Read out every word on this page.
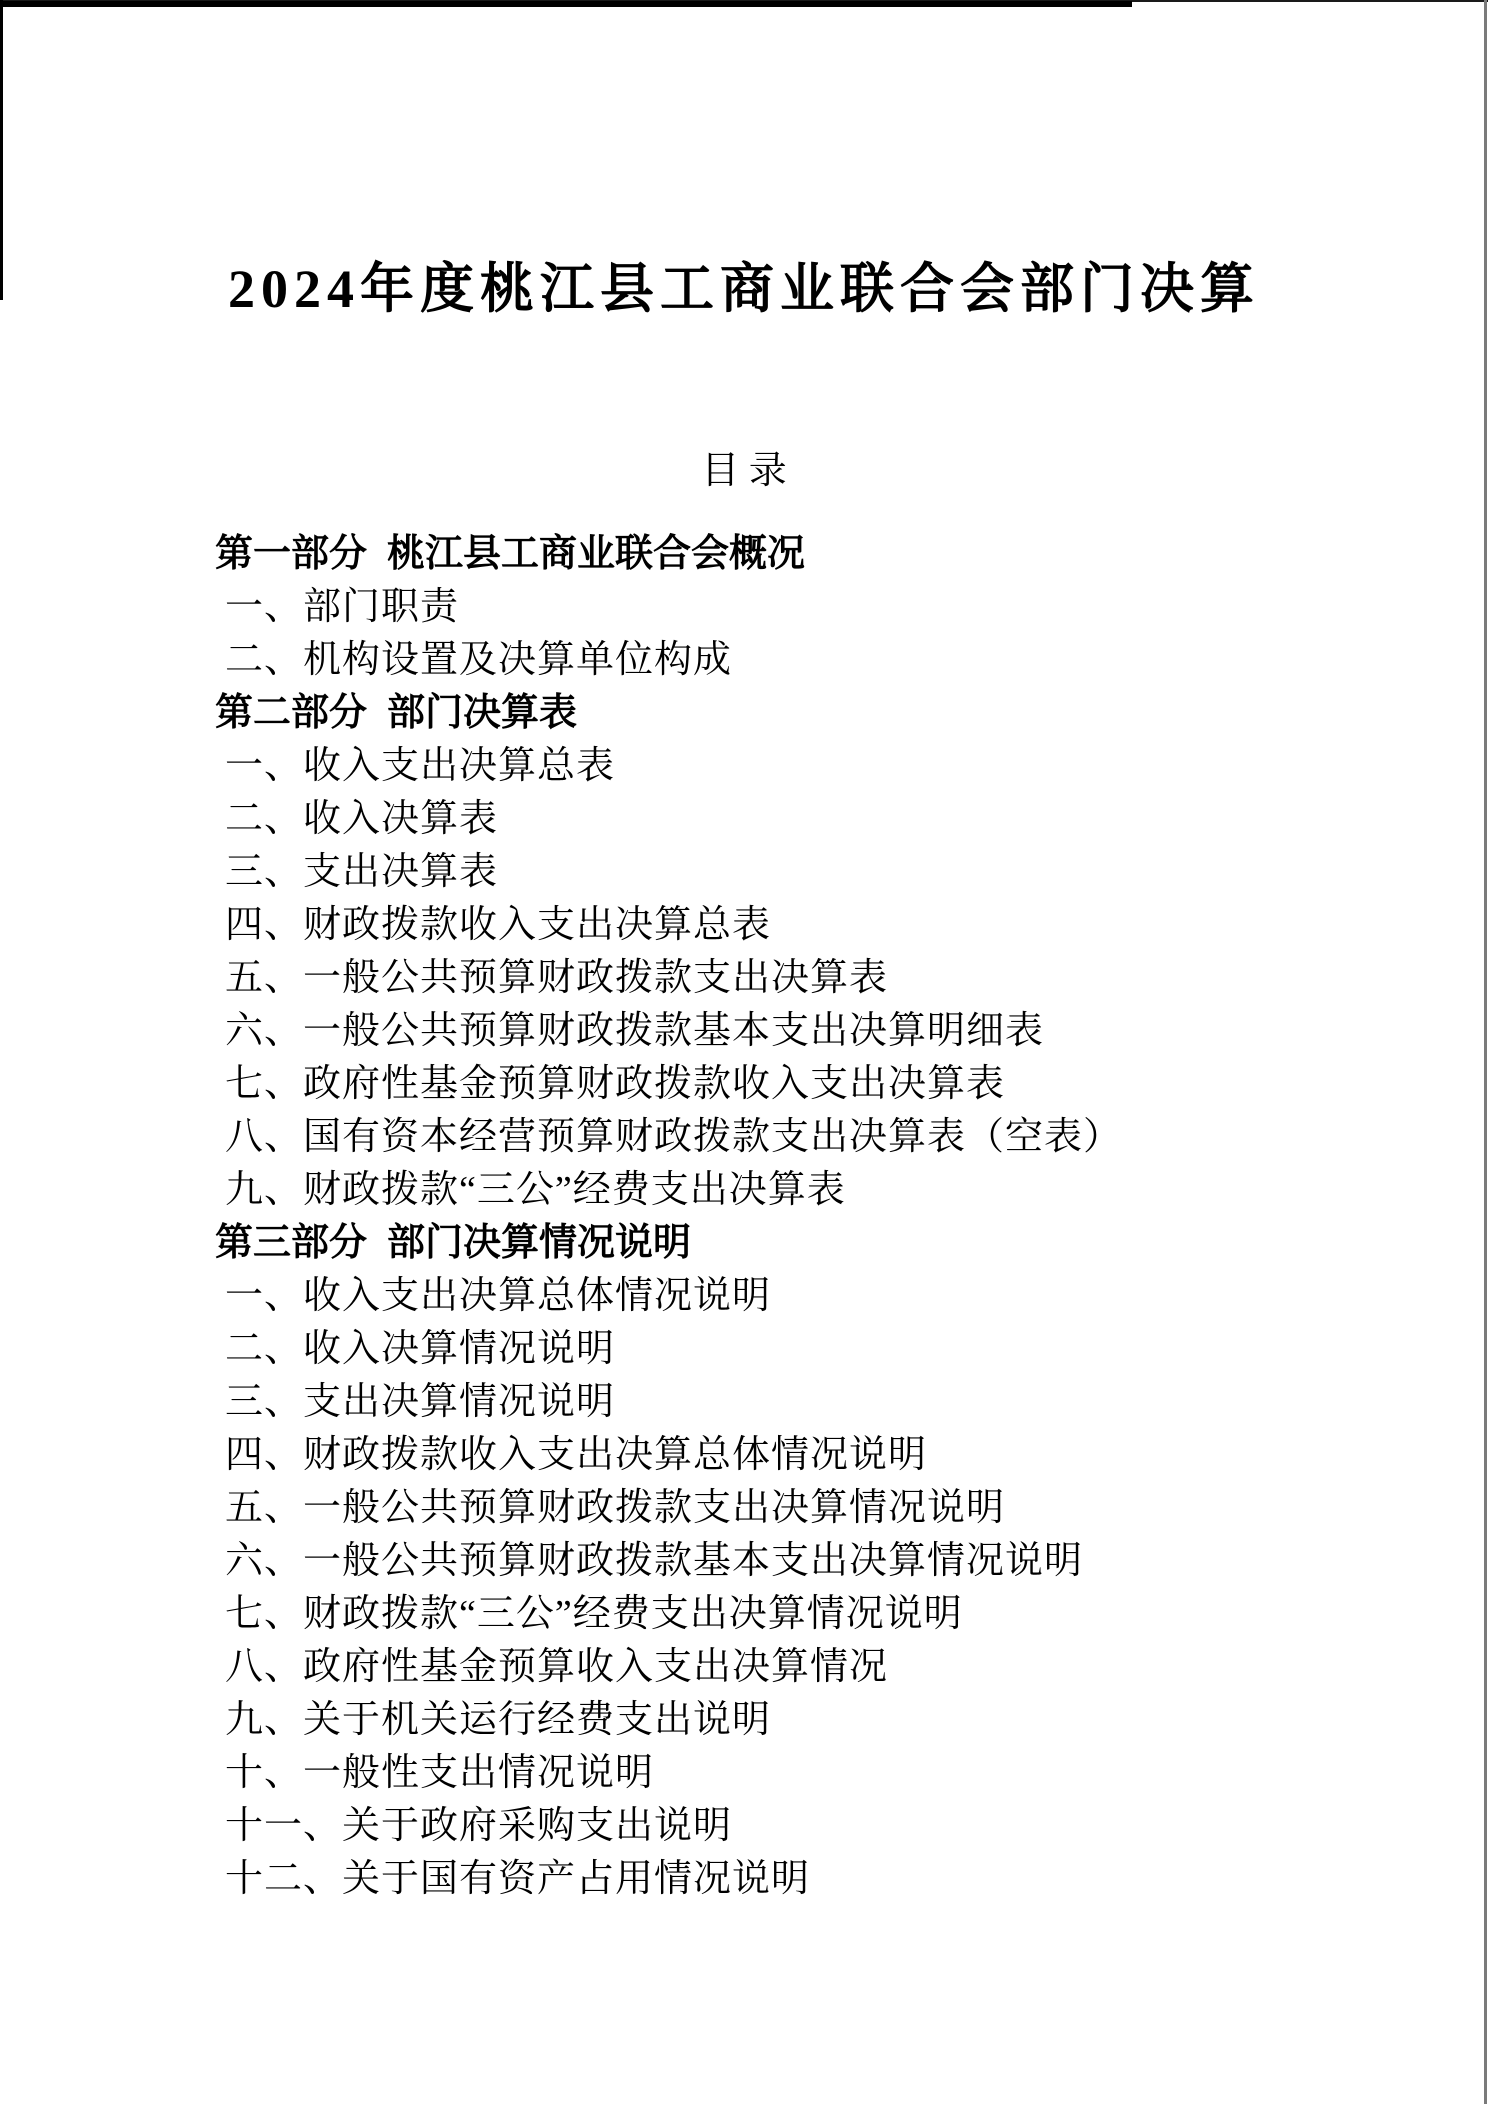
2024年度桃江县工商业联合会部门决算
目 录
第一部分 桃江县工商业联合会概况
一、部门职责
二、机构设置及决算单位构成
第二部分 部门决算表
一、收入支出决算总表
二、收入决算表
三、支出决算表
四、财政拨款收入支出决算总表
五、一般公共预算财政拨款支出决算表
六、一般公共预算财政拨款基本支出决算明细表
七、政府性基金预算财政拨款收入支出决算表
八、国有资本经营预算财政拨款支出决算表（空表）
九、财政拨款“三公”经费支出决算表
第三部分 部门决算情况说明
一、收入支出决算总体情况说明
二、收入决算情况说明
三、支出决算情况说明
四、财政拨款收入支出决算总体情况说明
五、一般公共预算财政拨款支出决算情况说明
六、一般公共预算财政拨款基本支出决算情况说明
七、财政拨款“三公”经费支出决算情况说明
八、政府性基金预算收入支出决算情况
九、关于机关运行经费支出说明
十、一般性支出情况说明
十一、关于政府采购支出说明
十二、关于国有资产占用情况说明
